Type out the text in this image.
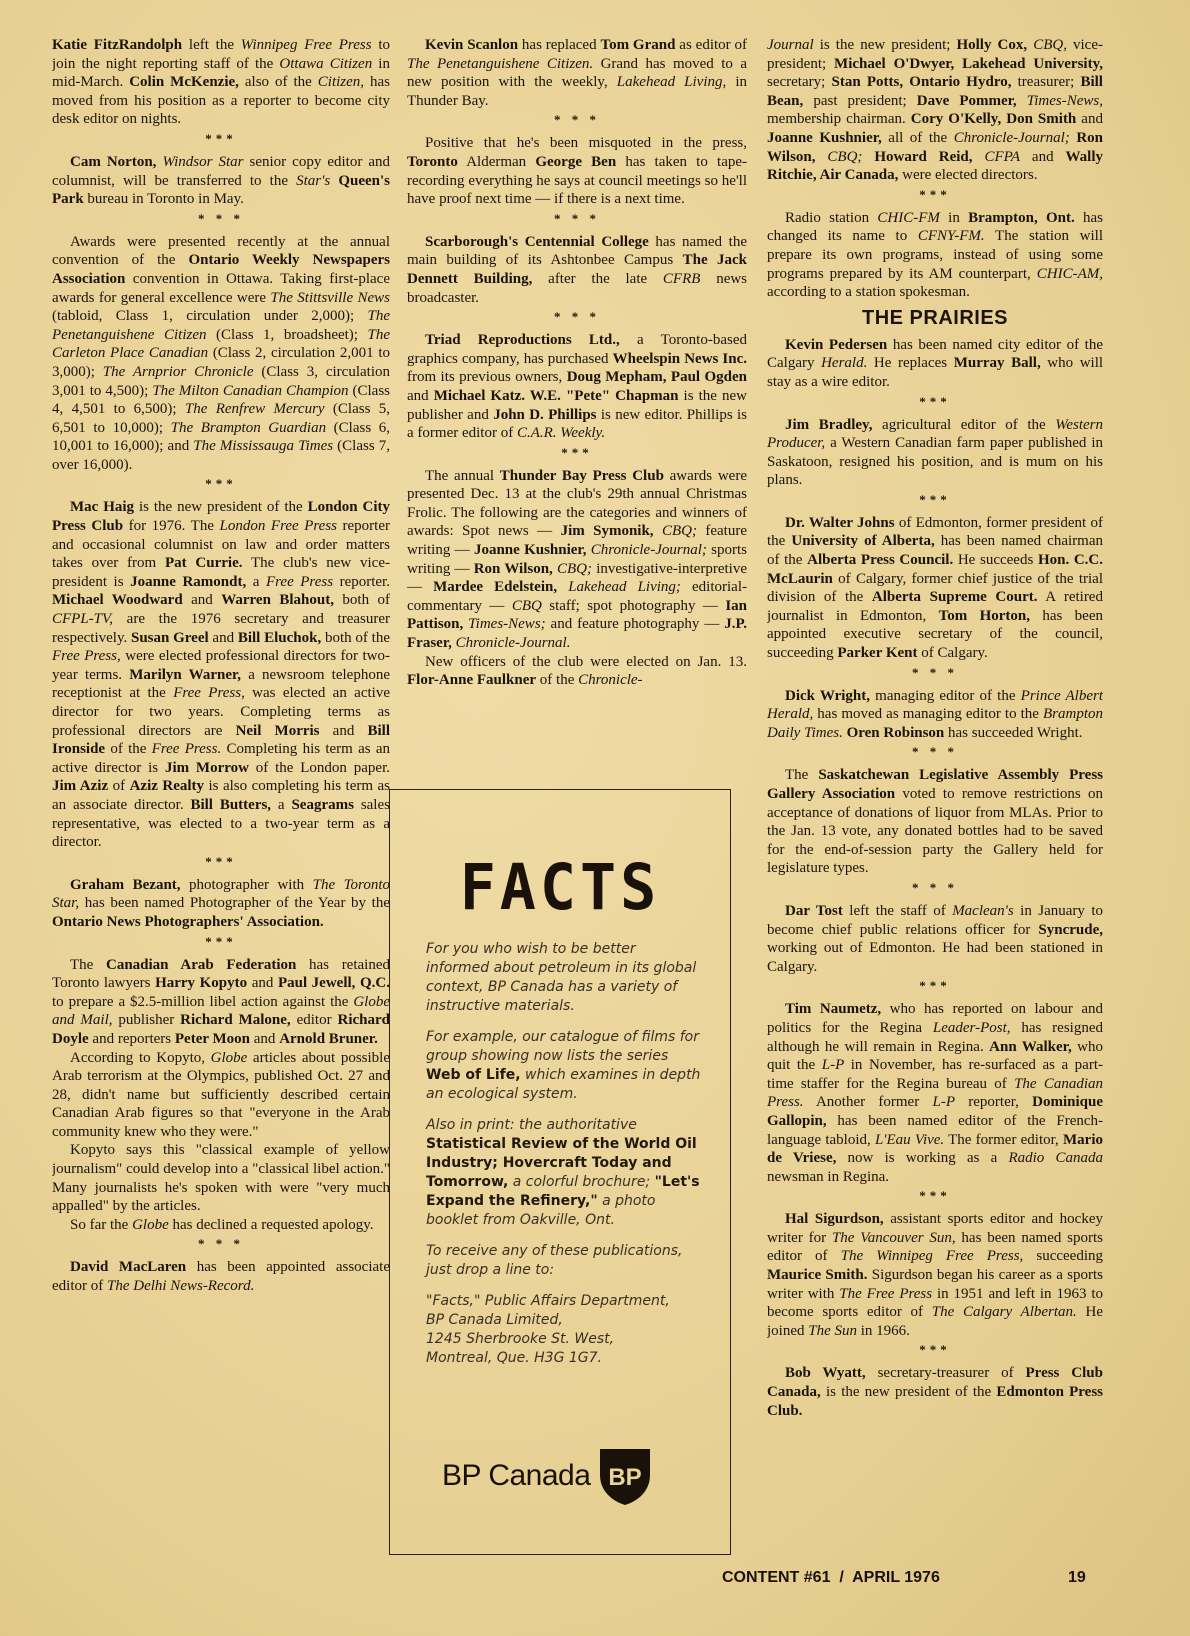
Katie FitzRandolph left the Winnipeg Free Press to join the night reporting staff of the Ottawa Citizen in mid-March. Colin McKenzie, also of the Citizen, has moved from his position as a reporter to become city desk editor on nights.

***

Cam Norton, Windsor Star senior copy editor and columnist, will be transferred to the Star's Queen's Park bureau in Toronto in May.

* * *

Awards were presented recently at the annual convention of the Ontario Weekly Newspapers Association convention in Ottawa. Taking first-place awards for general excellence were The Stittsville News (tabloid, Class 1, circulation under 2,000); The Penetanguishene Citizen (Class 1, broadsheet); The Carleton Place Canadian (Class 2, circulation 2,001 to 3,000); The Arnprior Chronicle (Class 3, circulation 3,001 to 4,500); The Milton Canadian Champion (Class 4, 4,501 to 6,500); The Renfrew Mercury (Class 5, 6,501 to 10,000); The Brampton Guardian (Class 6, 10,001 to 16,000); and The Mississauga Times (Class 7, over 16,000).

***

Mac Haig is the new president of the London City Press Club for 1976. The London Free Press reporter and occasional columnist on law and order matters takes over from Pat Currie. The club's new vice-president is Joanne Ramondt, a Free Press reporter. Michael Woodward and Warren Blahout, both of CFPL-TV, are the 1976 secretary and treasurer respectively. Susan Greel and Bill Eluchok, both of the Free Press, were elected professional directors for two-year terms. Marilyn Warner, a newsroom telephone receptionist at the Free Press, was elected an active director for two years. Completing terms as professional directors are Neil Morris and Bill Ironside of the Free Press. Completing his term as an active director is Jim Morrow of the London paper. Jim Aziz of Aziz Realty is also completing his term as an associate director. Bill Butters, a Seagrams sales representative, was elected to a two-year term as a director.

***

Graham Bezant, photographer with The Toronto Star, has been named Photographer of the Year by the Ontario News Photographers' Association.

***

The Canadian Arab Federation has retained Toronto lawyers Harry Kopyto and Paul Jewell, Q.C. to prepare a $2.5-million libel action against the Globe and Mail, publisher Richard Malone, editor Richard Doyle and reporters Peter Moon and Arnold Bruner.

According to Kopyto, Globe articles about possible Arab terrorism at the Olympics, published Oct. 27 and 28, didn't name but sufficiently described certain Canadian Arab figures so that "everyone in the Arab community knew who they were."

Kopyto says this "classical example of yellow journalism" could develop into a "classical libel action." Many journalists he's spoken with were "very much appalled" by the articles.

So far the Globe has declined a requested apology.

* * *

David MacLaren has been appointed associate editor of The Delhi News-Record.

Kevin Scanlon has replaced Tom Grand as editor of The Penetanguishene Citizen. Grand has moved to a new position with the weekly, Lakehead Living, in Thunder Bay.

* * *

Positive that he's been misquoted in the press, Toronto Alderman George Ben has taken to tape-recording everything he says at council meetings so he'll have proof next time — if there is a next time.

* * *

Scarborough's Centennial College has named the main building of its Ashtonbee Campus The Jack Dennett Building, after the late CFRB news broadcaster.

* * *

Triad Reproductions Ltd., a Toronto-based graphics company, has purchased Wheelspin News Inc. from its previous owners, Doug Mepham, Paul Ogden and Michael Katz. W.E. "Pete" Chapman is the new publisher and John D. Phillips is new editor. Phillips is a former editor of C.A.R. Weekly.

***

The annual Thunder Bay Press Club awards were presented Dec. 13 at the club's 29th annual Christmas Frolic. The following are the categories and winners of awards: Spot news — Jim Symonik, CBQ; feature writing — Joanne Kushnier, Chronicle-Journal; sports writing — Ron Wilson, CBQ; investigative-interpretive — Mardee Edelstein, Lakehead Living; editorial-commentary — CBQ staff; spot photography — Ian Pattison, Times-News; and feature photography — J.P. Fraser, Chronicle-Journal.

New officers of the club were elected on Jan. 13. Flor-Anne Faulkner of the Chronicle-

Journal is the new president; Holly Cox, CBQ, vice-president; Michael O'Dwyer, Lakehead University, secretary; Stan Potts, Ontario Hydro, treasurer; Bill Bean, past president; Dave Pommer, Times-News, membership chairman. Cory O'Kelly, Don Smith and Joanne Kushnier, all of the Chronicle-Journal; Ron Wilson, CBQ; Howard Reid, CFPA and Wally Ritchie, Air Canada, were elected directors.

***

Radio station CHIC-FM in Brampton, Ont. has changed its name to CFNY-FM. The station will prepare its own programs, instead of using some programs prepared by its AM counterpart, CHIC-AM, according to a station spokesman.

THE PRAIRIES

Kevin Pedersen has been named city editor of the Calgary Herald. He replaces Murray Ball, who will stay as a wire editor.

***

Jim Bradley, agricultural editor of the Western Producer, a Western Canadian farm paper published in Saskatoon, resigned his position, and is mum on his plans.

***

Dr. Walter Johns of Edmonton, former president of the University of Alberta, has been named chairman of the Alberta Press Council. He succeeds Hon. C.C. McLaurin of Calgary, former chief justice of the trial division of the Alberta Supreme Court. A retired journalist in Edmonton, Tom Horton, has been appointed executive secretary of the council, succeeding Parker Kent of Calgary.

* * *

Dick Wright, managing editor of the Prince Albert Herald, has moved as managing editor to the Brampton Daily Times. Oren Robinson has succeeded Wright.

* * *

The Saskatchewan Legislative Assembly Press Gallery Association voted to remove restrictions on acceptance of donations of liquor from MLAs. Prior to the Jan. 13 vote, any donated bottles had to be saved for the end-of-session party the Gallery held for legislature types.

* * *

Dar Tost left the staff of Maclean's in January to become chief public relations officer for Syncrude, working out of Edmonton. He had been stationed in Calgary.

***

Tim Naumetz, who has reported on labour and politics for the Regina Leader-Post, has resigned although he will remain in Regina. Ann Walker, who quit the L-P in November, has re-surfaced as a part-time staffer for the Regina bureau of The Canadian Press. Another former L-P reporter, Dominique Gallopin, has been named editor of the French-language tabloid, L'Eau Vive. The former editor, Mario de Vriese, now is working as a Radio Canada newsman in Regina.

***

Hal Sigurdson, assistant sports editor and hockey writer for The Vancouver Sun, has been named sports editor of The Winnipeg Free Press, succeeding Maurice Smith. Sigurdson began his career as a sports writer with The Free Press in 1951 and left in 1963 to become sports editor of The Calgary Albertan. He joined The Sun in 1966.

***

Bob Wyatt, secretary-treasurer of Press Club Canada, is the new president of the Edmonton Press Club.

FACTS

For you who wish to be better informed about petroleum in its global context, BP Canada has a variety of instructive materials.

For example, our catalogue of films for group showing now lists the series Web of Life, which examines in depth an ecological system.

Also in print: the authoritative Statistical Review of the World Oil Industry; Hovercraft Today and Tomorrow, a colorful brochure; "Let's Expand the Refinery," a photo booklet from Oakville, Ont.

To receive any of these publications, just drop a line to:

"Facts," Public Affairs Department,
BP Canada Limited,
1245 Sherbrooke St. West,
Montreal, Que. H3G 1G7.

BP Canada BP
CONTENT #61  /  APRIL 1976	19
